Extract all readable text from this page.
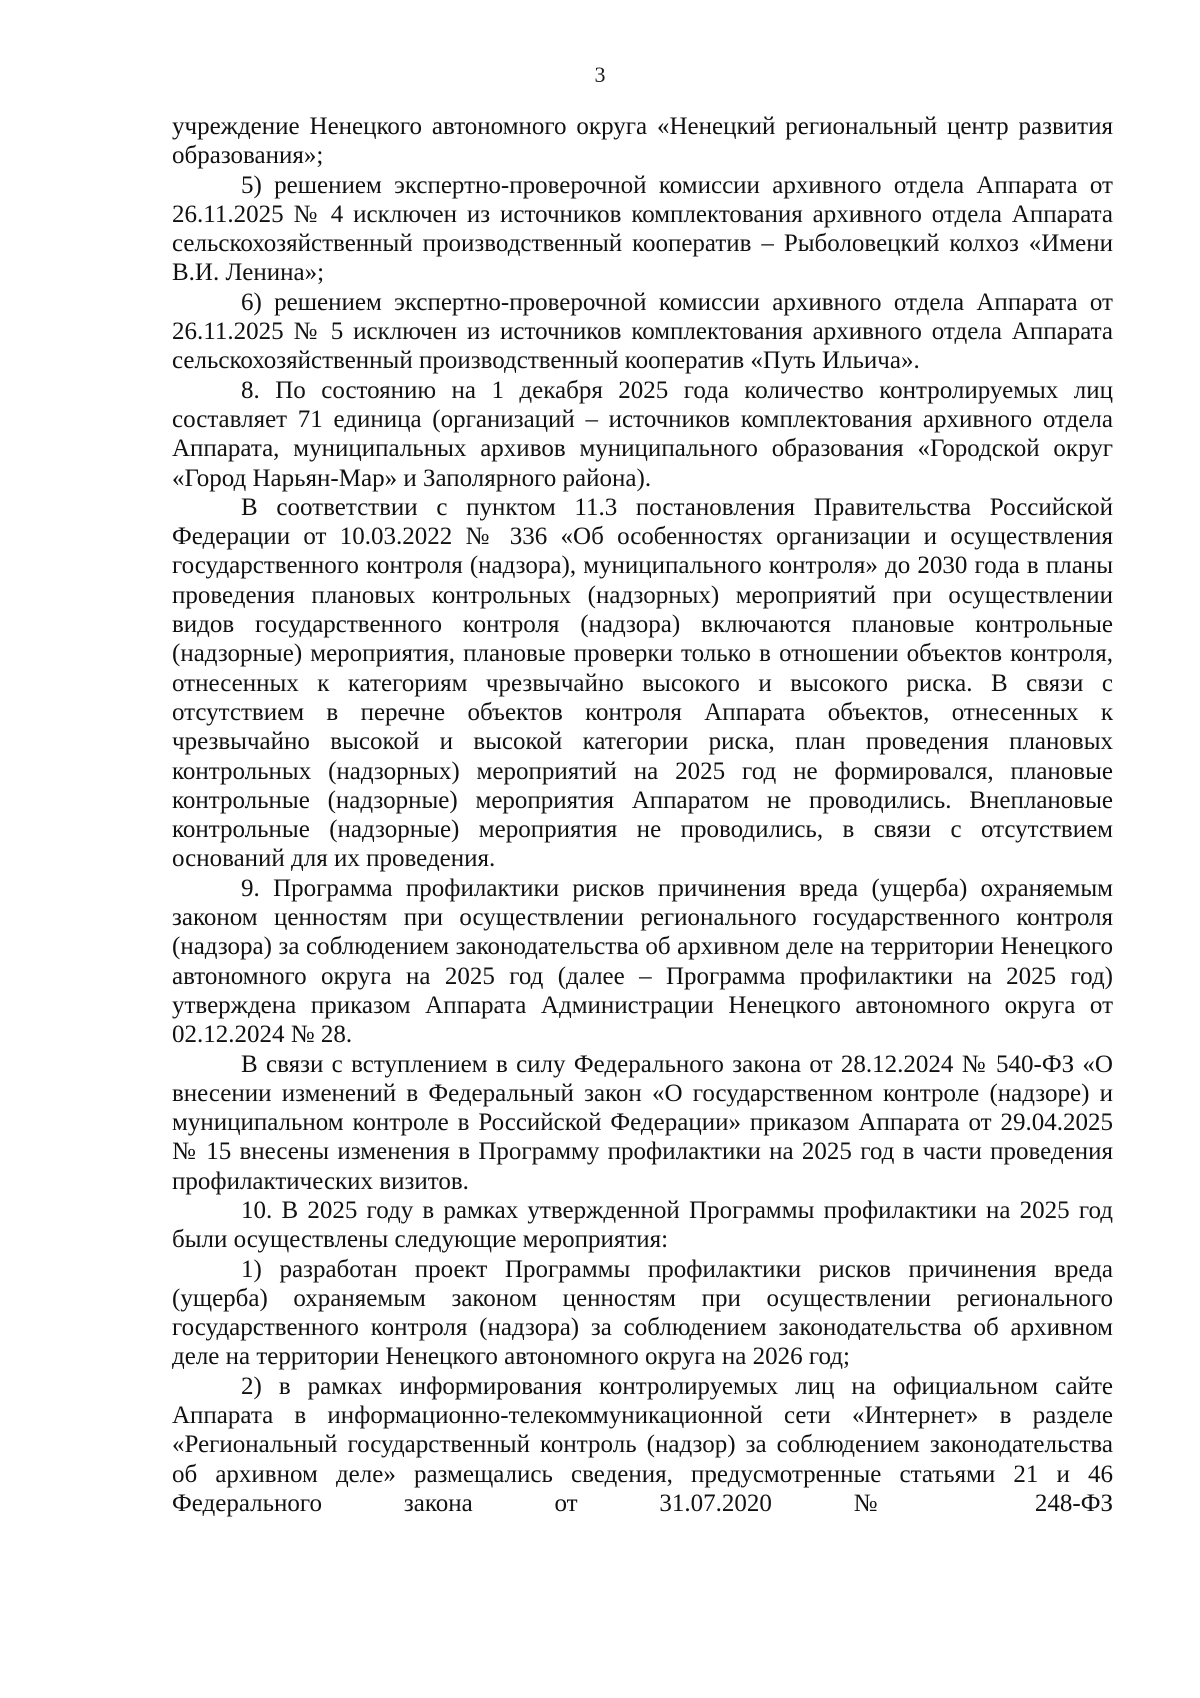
3

учреждение Ненецкого автономного округа «Ненецкий региональный центр развития образования»;

5) решением экспертно-проверочной комиссии архивного отдела Аппарата от 26.11.2025 № 4 исключен из источников комплектования архивного отдела Аппарата сельскохозяйственный производственный кооператив – Рыболовецкий колхоз «Имени В.И. Ленина»;

6) решением экспертно-проверочной комиссии архивного отдела Аппарата от 26.11.2025 № 5 исключен из источников комплектования архивного отдела Аппарата сельскохозяйственный производственный кооператив «Путь Ильича».

8. По состоянию на 1 декабря 2025 года количество контролируемых лиц составляет 71 единица (организаций – источников комплектования архивного отдела Аппарата, муниципальных архивов муниципального образования «Городской округ «Город Нарьян-Мар» и Заполярного района).

В соответствии с пунктом 11.3 постановления Правительства Российской Федерации от 10.03.2022 № 336 «Об особенностях организации и осуществления государственного контроля (надзора), муниципального контроля» до 2030 года в планы проведения плановых контрольных (надзорных) мероприятий при осуществлении видов государственного контроля (надзора) включаются плановые контрольные (надзорные) мероприятия, плановые проверки только в отношении объектов контроля, отнесенных к категориям чрезвычайно высокого и высокого риска. В связи с отсутствием в перечне объектов контроля Аппарата объектов, отнесенных к чрезвычайно высокой и высокой категории риска, план проведения плановых контрольных (надзорных) мероприятий на 2025 год не формировался, плановые контрольные (надзорные) мероприятия Аппаратом не проводились. Внеплановые контрольные (надзорные) мероприятия не проводились, в связи с отсутствием оснований для их проведения.

9. Программа профилактики рисков причинения вреда (ущерба) охраняемым законом ценностям при осуществлении регионального государственного контроля (надзора) за соблюдением законодательства об архивном деле на территории Ненецкого автономного округа на 2025 год (далее – Программа профилактики на 2025 год) утверждена приказом Аппарата Администрации Ненецкого автономного округа от 02.12.2024 № 28.

В связи с вступлением в силу Федерального закона от 28.12.2024 № 540-ФЗ «О внесении изменений в Федеральный закон «О государственном контроле (надзоре) и муниципальном контроле в Российской Федерации» приказом Аппарата от 29.04.2025 № 15 внесены изменения в Программу профилактики на 2025 год в части проведения профилактических визитов.

10. В 2025 году в рамках утвержденной Программы профилактики на 2025 год были осуществлены следующие мероприятия:

1) разработан проект Программы профилактики рисков причинения вреда (ущерба) охраняемым законом ценностям при осуществлении регионального государственного контроля (надзора) за соблюдением законодательства об архивном деле на территории Ненецкого автономного округа на 2026 год;

2) в рамках информирования контролируемых лиц на официальном сайте Аппарата в информационно-телекоммуникационной сети «Интернет» в разделе «Региональный государственный контроль (надзор) за соблюдением законодательства об архивном деле» размещались сведения, предусмотренные статьями 21 и 46 Федерального закона от 31.07.2020 № 248-ФЗ
